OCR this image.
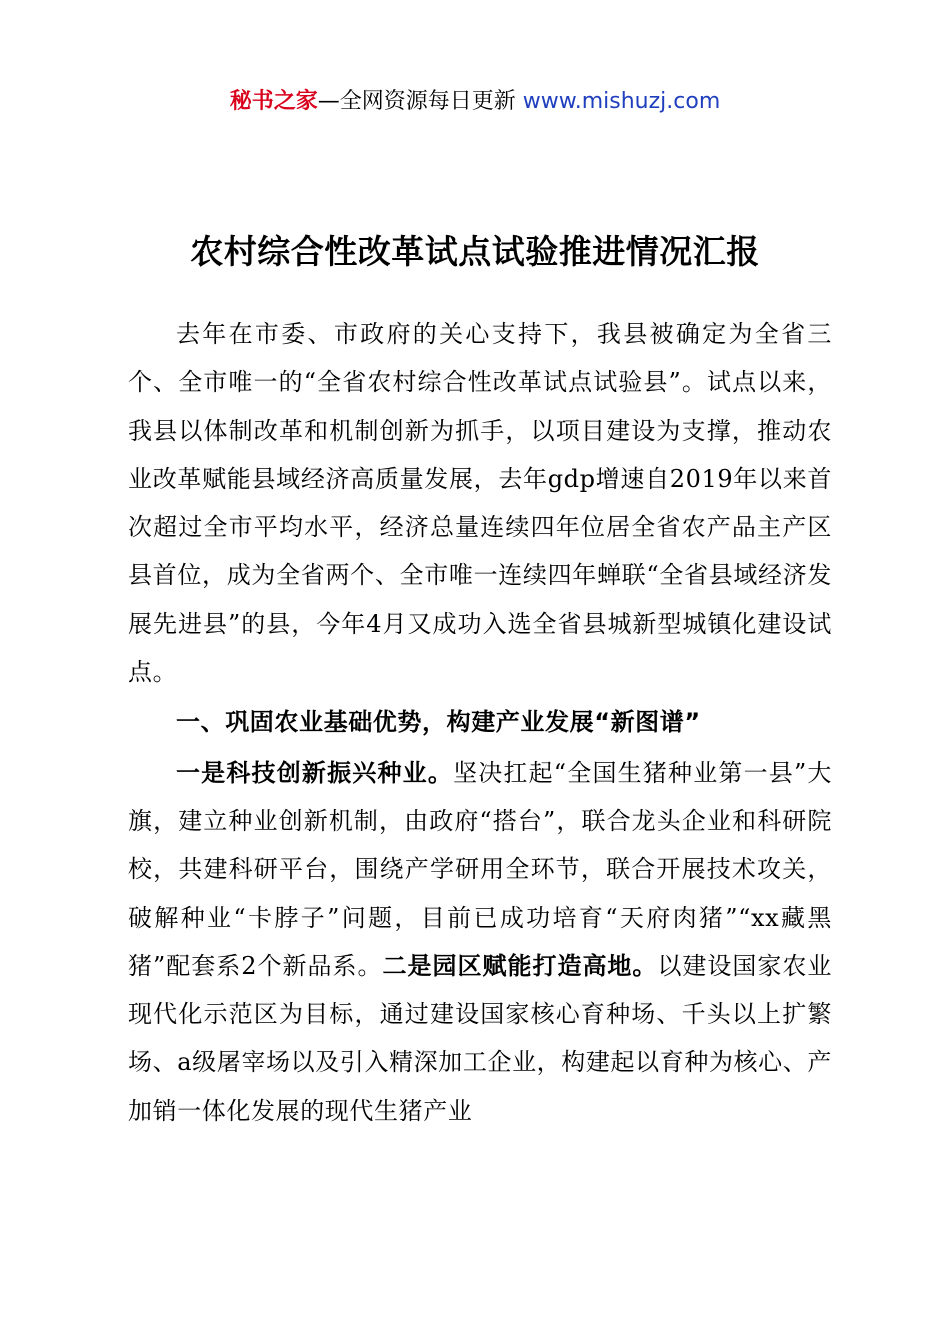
秘书之家—全网资源每日更新 www.mishuzj.com
农村综合性改革试点试验推进情况汇报

去年在市委、市政府的关心支持下，我县被确定为全省三个、全市唯一的“全省农村综合性改革试点试验县”。试点以来，我县以体制改革和机制创新为抓手，以项目建设为支撑，推动农业改革赋能县域经济高质量发展，去年gdp增速自2019年以来首次超过全市平均水平，经济总量连续四年位居全省农产品主产区县首位，成为全省两个、全市唯一连续四年蝉联“全省县域经济发展先进县”的县，今年4月又成功入选全省县城新型城镇化建设试点。

一、巩固农业基础优势，构建产业发展“新图谱”

一是科技创新振兴种业。坚决扛起“全国生猪种业第一县”大旗，建立种业创新机制，由政府“搭台”，联合龙头企业和科研院校，共建科研平台，围绕产学研用全环节，联合开展技术攻关，破解种业“卡脖子”问题，目前已成功培育“天府肉猪”“xx藏黑猪”配套系2个新品系。二是园区赋能打造高地。以建设国家农业现代化示范区为目标，通过建设国家核心育种场、千头以上扩繁场、a级屠宰场以及引入精深加工企业，构建起以育种为核心、产加销一体化发展的现代生猪产业
